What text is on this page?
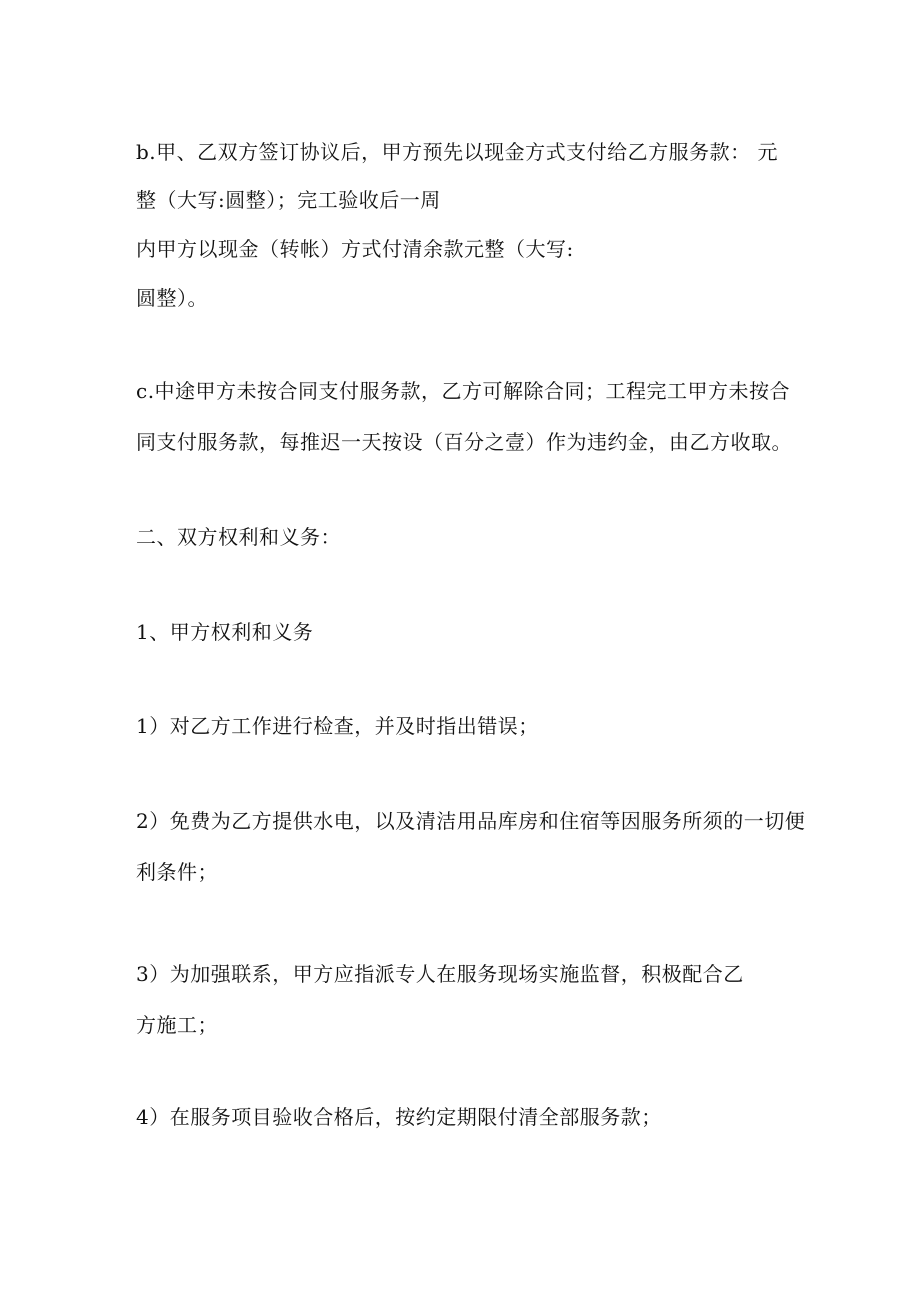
b.甲、乙双方签订协议后，甲方预先以现金方式支付给乙方服务款： 元
整（大写:圆整）；完工验收后一周
内甲方以现金（转帐）方式付清余款元整（大写:
圆整）。
c.中途甲方未按合同支付服务款，乙方可解除合同；工程完工甲方未按合
同支付服务款，每推迟一天按设（百分之壹）作为违约金，由乙方收取。
二、双方权利和义务：
1、甲方权利和义务
1）对乙方工作进行检查，并及时指出错误；
2）免费为乙方提供水电，以及清洁用品库房和住宿等因服务所须的一切便
利条件；
3）为加强联系，甲方应指派专人在服务现场实施监督，积极配合乙
方施工；
4）在服务项目验收合格后，按约定期限付清全部服务款；
